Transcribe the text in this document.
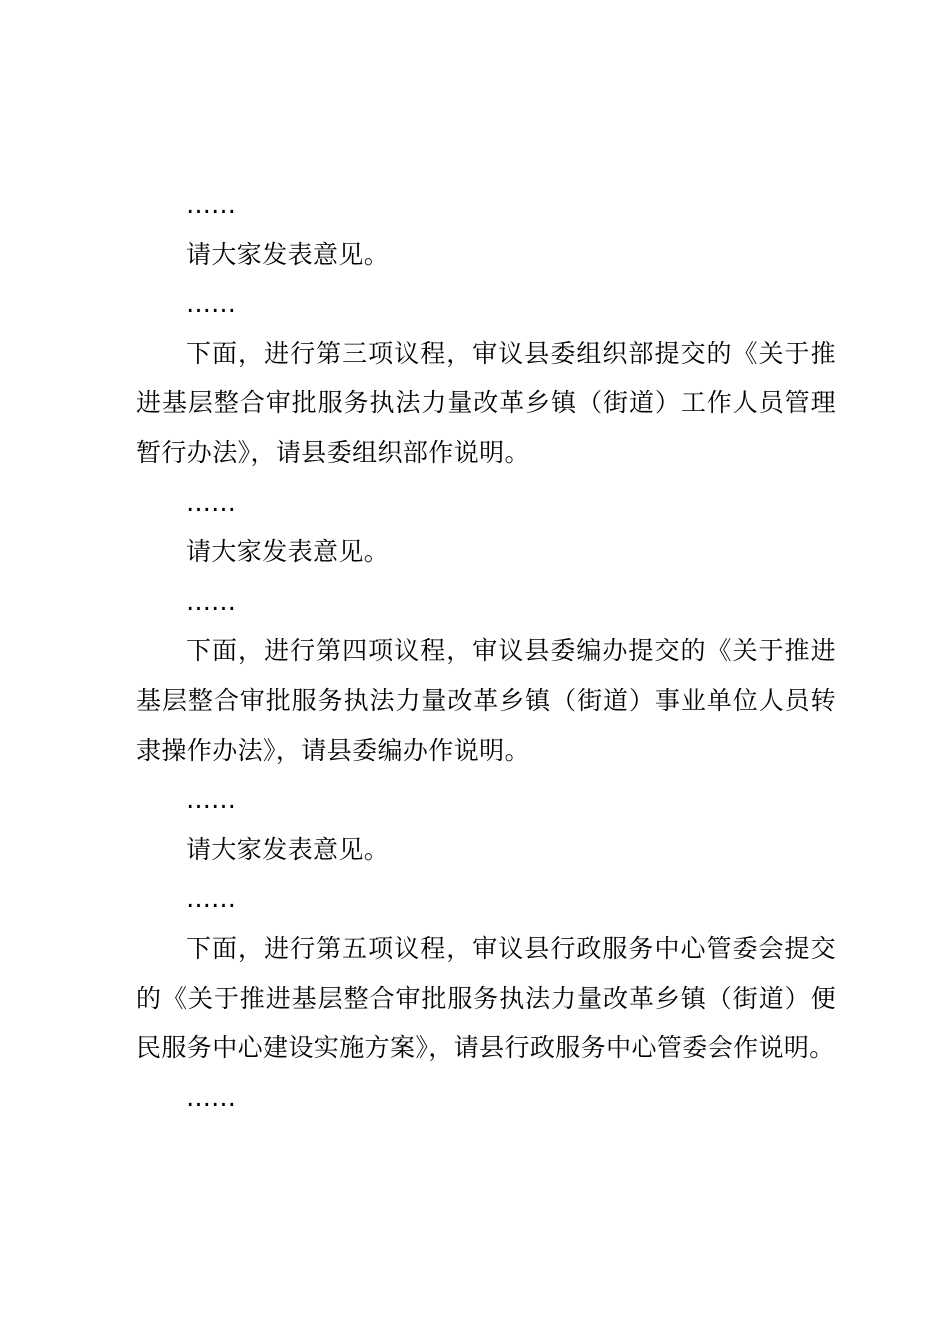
……

请大家发表意见。

……

下面，进行第三项议程，审议县委组织部提交的《关于推进基层整合审批服务执法力量改革乡镇（街道）工作人员管理暂行办法》，请县委组织部作说明。

……

请大家发表意见。

……

下面，进行第四项议程，审议县委编办提交的《关于推进基层整合审批服务执法力量改革乡镇（街道）事业单位人员转隶操作办法》，请县委编办作说明。

……

请大家发表意见。

……

下面，进行第五项议程，审议县行政服务中心管委会提交的《关于推进基层整合审批服务执法力量改革乡镇（街道）便民服务中心建设实施方案》，请县行政服务中心管委会作说明。

……
